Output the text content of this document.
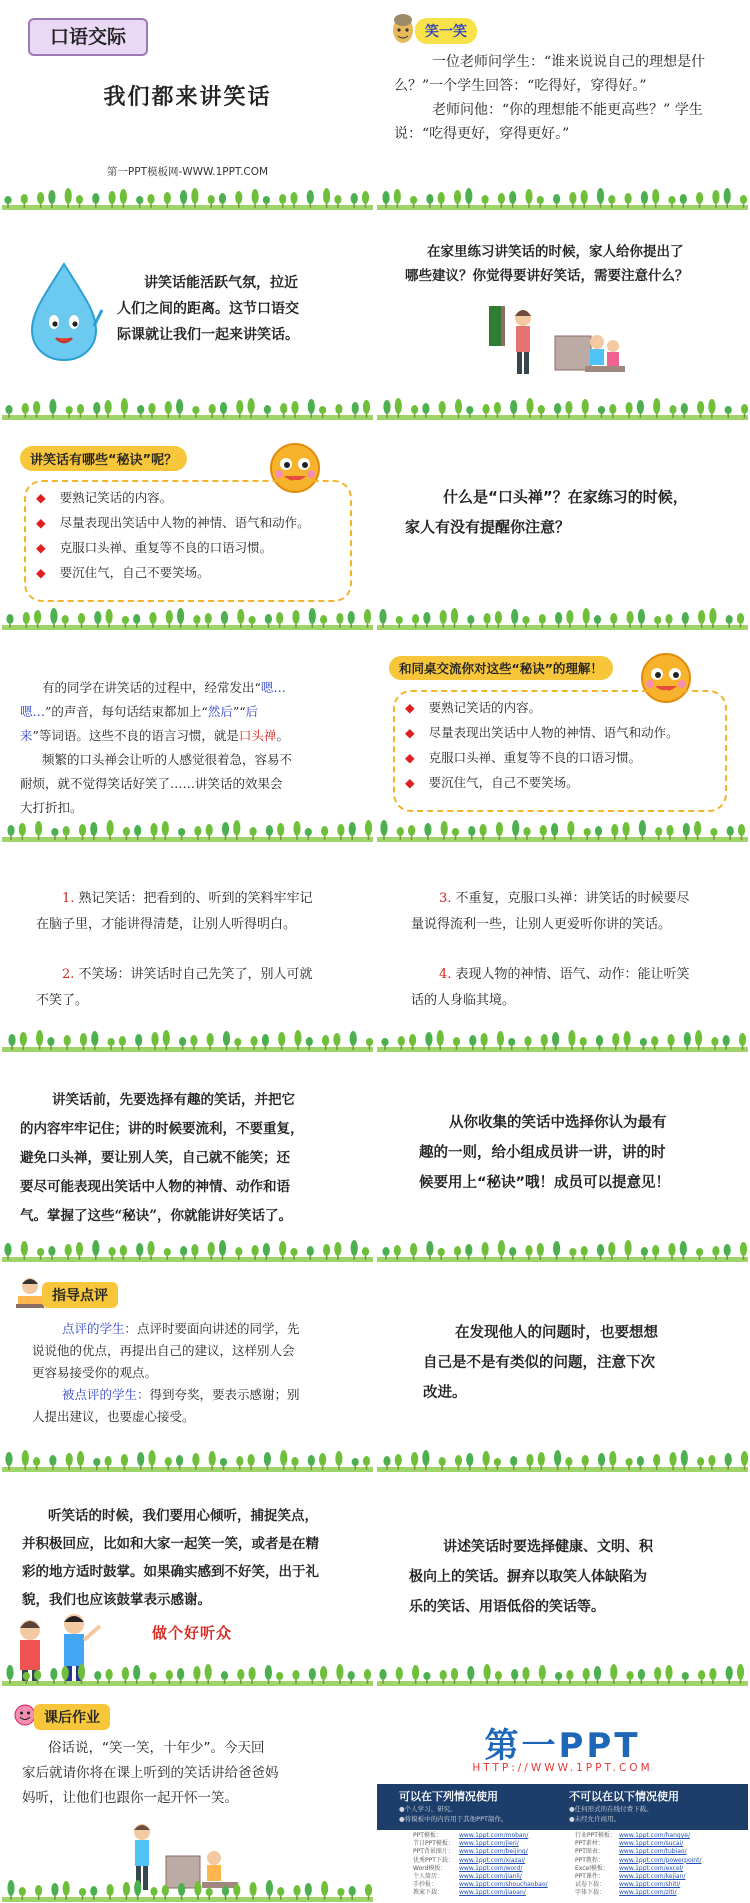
口语交际
我们都来讲笑话
第一PPT模板网-WWW.1PPT.COM
笑一笑
一位老师问学生：“谁来说说自己的理想是什
么？”一个学生回答：“吃得好，穿得好。”
老师问他：“你的理想能不能更高些？” 学生
说：“吃得更好，穿得更好。”
讲笑话能活跃气氛，拉近
人们之间的距离。这节口语交
际课就让我们一起来讲笑话。
在家里练习讲笑话的时候，家人给你提出了
哪些建议？你觉得要讲好笑话，需要注意什么？
讲笑话有哪些“秘诀”呢？
◆ 要熟记笑话的内容。
◆ 尽量表现出笑话中人物的神情、语气和动作。
◆ 克服口头禅、重复等不良的口语习惯。
◆ 要沉住气，自己不要笑场。
什么是“口头禅”？在家练习的时候，
家人有没有提醒你注意？
有的同学在讲笑话的过程中，经常发出“嗯…
嗯…”的声音，每句话结束都加上“然后”“后
来”等词语。这些不良的语言习惯，就是口头禅。
频繁的口头禅会让听的人感觉很着急，容易不
耐烦，就不觉得笑话好笑了……讲笑话的效果会
大打折扣。
和同桌交流你对这些“秘诀”的理解！
◆ 要熟记笑话的内容。
◆ 尽量表现出笑话中人物的神情、语气和动作。
◆ 克服口头禅、重复等不良的口语习惯。
◆ 要沉住气，自己不要笑场。
1. 熟记笑话：把看到的、听到的笑料牢牢记
在脑子里，才能讲得清楚，让别人听得明白。
2. 不笑场：讲笑话时自己先笑了，别人可就
不笑了。
3. 不重复，克服口头禅：讲笑话的时候要尽
量说得流利一些，让别人更爱听你讲的笑话。
4. 表现人物的神情、语气、动作：能让听笑
话的人身临其境。
讲笑话前，先要选择有趣的笑话，并把它
的内容牢牢记住；讲的时候要流利，不要重复，
避免口头禅，要让别人笑，自己就不能笑；还
要尽可能表现出笑话中人物的神情、动作和语
气。掌握了这些“秘诀”，你就能讲好笑话了。
从你收集的笑话中选择你认为最有
趣的一则，给小组成员讲一讲，讲的时
候要用上“秘诀”哦！成员可以提意见！
指导点评
点评的学生：点评时要面向讲述的同学，先
说说他的优点，再提出自己的建议，这样别人会
更容易接受你的观点。
被点评的学生：得到夸奖，要表示感谢；别
人提出建议，也要虚心接受。
在发现他人的问题时，也要想想
自己是不是有类似的问题，注意下次
改进。
听笑话的时候，我们要用心倾听，捕捉笑点，
并积极回应，比如和大家一起笑一笑，或者是在精
彩的地方适时鼓掌。如果确实感到不好笑，出于礼
貌，我们也应该鼓掌表示感谢。
做个好听众
讲述笑话时要选择健康、文明、积
极向上的笑话。摒弃以取笑人体缺陷为
乐的笑话、用语低俗的笑话等。
课后作业
俗话说，“笑一笑，十年少”。今天回
家后就请你将在课上听到的笑话讲给爸爸妈
妈听，让他们也跟你一起开怀一笑。
第一PPT
HTTP://WWW.1PPT.COM
可以在下列情况使用
●个人学习、研究。
●将模板中的内容用于其他PPT制作。
不可以在以下情况使用
●任何形式的在线付费下载。
●未经允许商用。
PPT模板：
节日PPT模板：
PPT背景图片：
优秀PPT下载：
Word模板：
个人简历：
手抄报：
教案下载：
www.1ppt.com/moban/
www.1ppt.com/jieri/
www.1ppt.com/beijing/
www.1ppt.com/xiazai/
www.1ppt.com/word/
www.1ppt.com/jianli/
www.1ppt.com/shouchaobao/
www.1ppt.com/jiaoan/
行业PPT模板：
PPT素材：
PPT图表：
PPT教程：
Excel模板：
PPT课件：
试卷下载：
字体下载：
www.1ppt.com/hangye/
www.1ppt.com/sucai/
www.1ppt.com/tubiao/
www.1ppt.com/powerpoint/
www.1ppt.com/excel/
www.1ppt.com/kejian/
www.1ppt.com/shiti/
www.1ppt.com/ziti/
